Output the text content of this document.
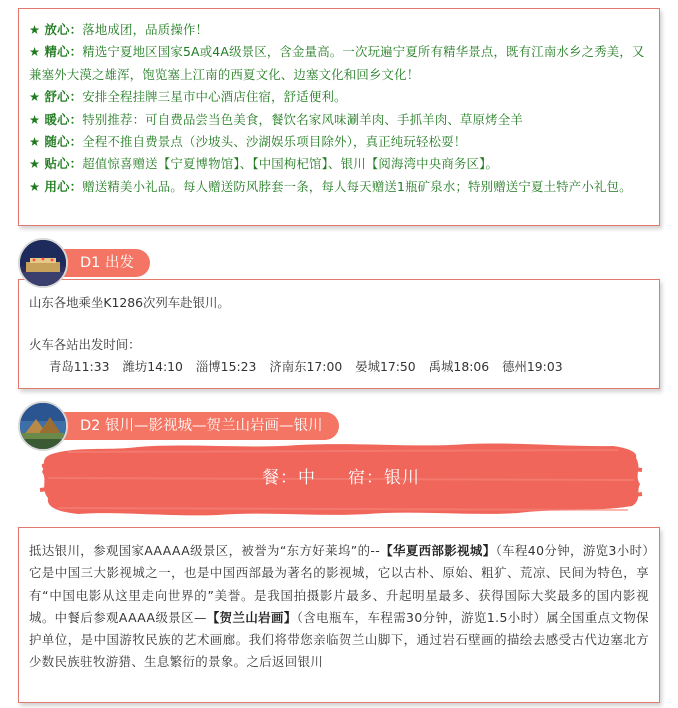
★ 放心：落地成团，品质操作！
★ 精心：精选宁夏地区国家5A或4A级景区，含金量高。一次玩遍宁夏所有精华景点，既有江南水乡之秀美，又兼塞外大漠之雄浑，饱览塞上江南的西夏文化、边塞文化和回乡文化！
★ 舒心：安排全程挂牌三星市中心酒店住宿，舒适便利。
★ 暖心：特别推荐：可自费品尝当色美食，餐饮名家风味涮羊肉、手抓羊肉、草原烤全羊
★ 随心：全程不推自费景点（沙坡头、沙湖娱乐项目除外），真正纯玩轻松耍！
★ 贴心：超值惊喜赠送【宁夏博物馆】、【中国枸杞馆】、银川【阅海湾中央商务区】。
★ 用心：赠送精美小礼品。每人赠送防风脖套一条，每人每天赠送1瓶矿泉水；特别赠送宁夏土特产小礼包。
D1 出发
山东各地乘坐K1286次列车赴银川。
火车各站出发时间：
青岛11:33 潍坊14:10 淄博15:23 济南东17:00 晏城17:50 禹城18:06 德州19:03
D2 银川—影视城—贺兰山岩画—银川
餐：中 宿：银川
抵达银川，参观国家AAAAA级景区，被誉为“东方好莱坞”的--【华夏西部影视城】（车程40分钟，游览3小时）它是中国三大影视城之一，也是中国西部最为著名的影视城，它以古朴、原始、粗犷、荒凉、民间为特色，享有“中国电影从这里走向世界的”美誉。是我国拍摄影片最多、升起明星最多、获得国际大奖最多的国内影视城。中餐后参观AAAA级景区—【贺兰山岩画】（含电瓶车，车程需30分钟，游览1.5小时）属全国重点文物保护单位，是中国游牧民族的艺术画廊。我们将带您亲临贺兰山脚下，通过岩石壁画的描绘去感受古代边塞北方少数民族驻牧游猎、生息繁衍的景象。之后返回银川
